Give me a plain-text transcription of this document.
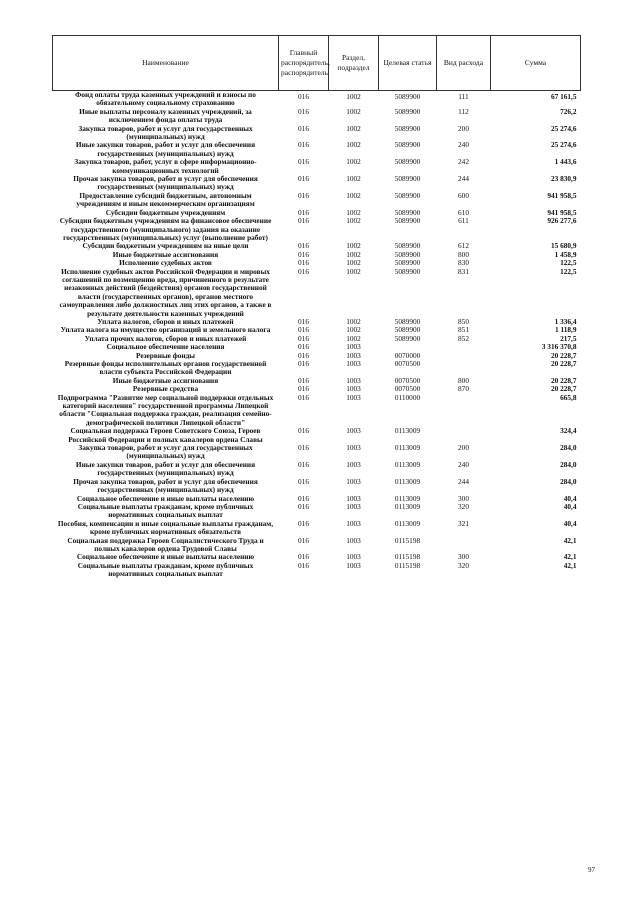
Наименование	Главный распорядитель, распорядитель	Раздел, подраздел	Целевая статья	Вид расхода	Сумма
Фонд оплаты труда казенных учреждений и взносы по обязательному социальному страхованию	016	1002	5089900	111	67 161,5
Иные выплаты персоналу казенных учреждений, за исключением фонда оплаты труда	016	1002	5089900	112	726,2
Закупка товаров, работ и услуг для государственных (муниципальных) нужд	016	1002	5089900	200	25 274,6
Иные закупки товаров, работ и услуг для обеспечения государственных (муниципальных) нужд	016	1002	5089900	240	25 274,6
Закупка товаров, работ, услуг в сфере информационно-коммуникационных технологий	016	1002	5089900	242	1 443,6
Прочая закупка товаров, работ и услуг для обеспечения государственных (муниципальных) нужд	016	1002	5089900	244	23 830,9
Предоставление субсидий бюджетным, автономным учреждениям и иным некоммерческим организациям	016	1002	5089900	600	941 958,5
Субсидии бюджетным учреждениям	016	1002	5089900	610	941 958,5
Субсидии бюджетным учреждениям на финансовое обеспечение государственного (муниципального) задания на оказание государственных (муниципальных) услуг (выполнение работ)	016	1002	5089900	611	926 277,6
Субсидии бюджетным учреждениям на иные цели	016	1002	5089900	612	15 680,9
Иные бюджетные ассигнования	016	1002	5089900	800	1 458,9
Исполнение судебных актов	016	1002	5089900	830	122,5
Исполнение судебных актов Российской Федерации и мировых соглашений по возмещению вреда, причиненного в результате незаконных действий (бездействия) органов государственной власти (государственных органов), органов местного самоуправления либо должностных лиц этих органов, а также в результате деятельности казенных учреждений	016	1002	5089900	831	122,5
Уплата налогов, сборов и иных платежей	016	1002	5089900	850	1 336,4
Уплата налога на имущество организаций и земельного налога	016	1002	5089900	851	1 118,9
Уплата прочих налогов, сборов и иных платежей	016	1002	5089900	852	217,5
Социальное обеспечение населения	016	1003			3 316 370,8
Резервные фонды	016	1003	0070000		20 228,7
Резервные фонды исполнительных органов государственной власти субъекта Российской Федерации	016	1003	0070500		20 228,7
Иные бюджетные ассигнования	016	1003	0070500	800	20 228,7
Резервные средства	016	1003	0070500	870	20 228,7
Подпрограмма "Развитие мер социальной поддержки отдельных категорий населения" государственной программы Липецкой области "Социальная поддержка граждан, реализация семейно-демографической политики Липецкой области"	016	1003	0110000		665,8
Социальная поддержка Героев Советского Союза, Героев Российской Федерации и полных кавалеров ордена Славы	016	1003	0113009		324,4
Закупка товаров, работ и услуг для государственных (муниципальных) нужд	016	1003	0113009	200	284,0
Иные закупки товаров, работ и услуг для обеспечения государственных (муниципальных) нужд	016	1003	0113009	240	284,0
Прочая закупка товаров, работ и услуг для обеспечения государственных (муниципальных) нужд	016	1003	0113009	244	284,0
Социальное обеспечение и иные выплаты населению	016	1003	0113009	300	40,4
Социальные выплаты гражданам, кроме публичных нормативных социальных выплат	016	1003	0113009	320	40,4
Пособия, компенсации и иные социальные выплаты гражданам, кроме публичных нормативных обязательств	016	1003	0113009	321	40,4
Социальная поддержка Героев Социалистического Труда и полных кавалеров ордена Трудовой Славы	016	1003	0115198		42,1
Социальное обеспечение и иные выплаты населению	016	1003	0115198	300	42,1
Социальные выплаты гражданам, кроме публичных нормативных социальных выплат	016	1003	0115198	320	42,1
97
